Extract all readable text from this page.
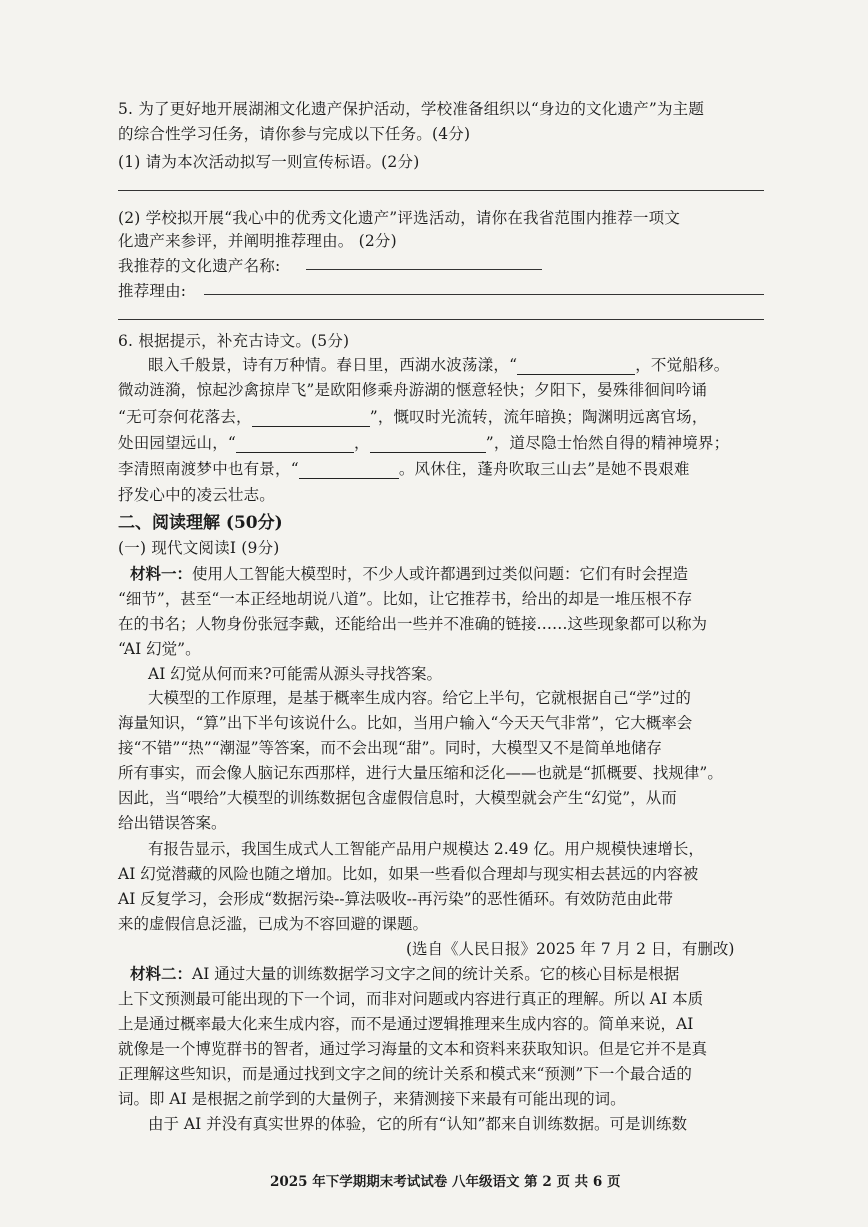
5. 为了更好地开展湖湘文化遗产保护活动，学校准备组织以“身边的文化遗产”为主题
的综合性学习任务，请你参与完成以下任务。(4分)
(1) 请为本次活动拟写一则宣传标语。(2分)
(2) 学校拟开展“我心中的优秀文化遗产”评选活动，请你在我省范围内推荐一项文
化遗产来参评，并阐明推荐理由。 (2分)
我推荐的文化遗产名称:
推荐理由:
6. 根据提示，补充古诗文。(5分)
眼入千般景，诗有万种情。春日里，西湖水波荡漾，“	，不觉船移。
微动涟漪，惊起沙禽掠岸飞”是欧阳修乘舟游湖的惬意轻快；夕阳下，晏殊徘徊间吟诵
“无可奈何花落去，	”，慨叹时光流转，流年暗换；陶渊明远离官场，
处田园望远山，“	，	”，道尽隐士怡然自得的精神境界；
李清照南渡梦中也有景，“	。风休住，蓬舟吹取三山去”是她不畏艰难
抒发心中的凌云壮志。
二、阅读理解 (50分)
(一) 现代文阅读Ⅰ (9分)
材料一：使用人工智能大模型时，不少人或许都遇到过类似问题：它们有时会捏造
“细节”，甚至“一本正经地胡说八道”。比如，让它推荐书，给出的却是一堆压根不存
在的书名；人物身份张冠李戴，还能给出一些并不准确的链接……这些现象都可以称为
“AI 幻觉”。
AI 幻觉从何而来?可能需从源头寻找答案。
大模型的工作原理，是基于概率生成内容。给它上半句，它就根据自己“学”过的
海量知识，“算”出下半句该说什么。比如，当用户输入“今天天气非常”，它大概率会
接“不错”“热”“潮湿”等答案，而不会出现“甜”。同时，大模型又不是简单地储存
所有事实，而会像人脑记东西那样，进行大量压缩和泛化——也就是“抓概要、找规律”。
因此，当“喂给”大模型的训练数据包含虚假信息时，大模型就会产生“幻觉”，从而
给出错误答案。
有报告显示，我国生成式人工智能产品用户规模达 2.49 亿。用户规模快速增长，
AI 幻觉潜藏的风险也随之增加。比如，如果一些看似合理却与现实相去甚远的内容被
AI 反复学习，会形成“数据污染--算法吸收--再污染”的恶性循环。有效防范由此带
来的虚假信息泛滥，已成为不容回避的课题。
(选自《人民日报》2025 年 7 月 2 日，有删改)
材料二：AI 通过大量的训练数据学习文字之间的统计关系。它的核心目标是根据
上下文预测最可能出现的下一个词，而非对问题或内容进行真正的理解。所以 AI 本质
上是通过概率最大化来生成内容，而不是通过逻辑推理来生成内容的。简单来说，AI
就像是一个博览群书的智者，通过学习海量的文本和资料来获取知识。但是它并不是真
正理解这些知识，而是通过找到文字之间的统计关系和模式来“预测”下一个最合适的
词。即 AI 是根据之前学到的大量例子，来猜测接下来最有可能出现的词。
由于 AI 并没有真实世界的体验，它的所有“认知”都来自训练数据。可是训练数
2025 年下学期期末考试试卷 八年级语文 第 2 页 共 6 页
